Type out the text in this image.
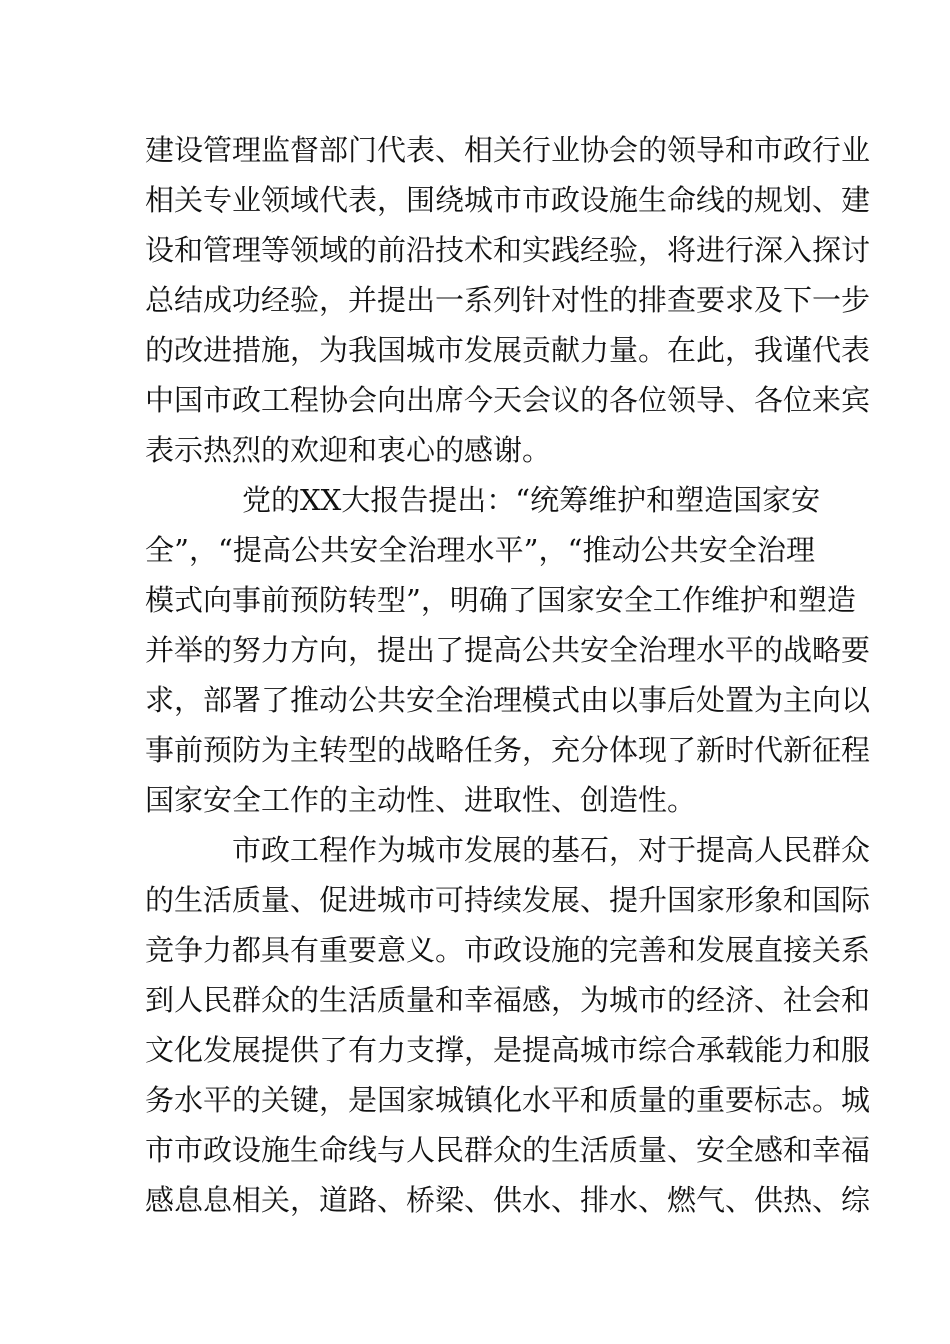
建设管理监督部门代表、相关行业协会的领导和市政行业
相关专业领域代表，围绕城市市政设施生命线的规划、建
设和管理等领域的前沿技术和实践经验，将进行深入探讨
总结成功经验，并提出一系列针对性的排查要求及下一步
的改进措施，为我国城市发展贡献力量。在此，我谨代表
中国市政工程协会向出席今天会议的各位领导、各位来宾
表示热烈的欢迎和衷心的感谢。
党的XX大报告提出：“统筹维护和塑造国家安
全”，“提高公共安全治理水平”，“推动公共安全治理
模式向事前预防转型”，明确了国家安全工作维护和塑造
并举的努力方向，提出了提高公共安全治理水平的战略要
求，部署了推动公共安全治理模式由以事后处置为主向以
事前预防为主转型的战略任务，充分体现了新时代新征程
国家安全工作的主动性、进取性、创造性。
市政工程作为城市发展的基石，对于提高人民群众
的生活质量、促进城市可持续发展、提升国家形象和国际
竞争力都具有重要意义。市政设施的完善和发展直接关系
到人民群众的生活质量和幸福感，为城市的经济、社会和
文化发展提供了有力支撑，是提高城市综合承载能力和服
务水平的关键，是国家城镇化水平和质量的重要标志。城
市市政设施生命线与人民群众的生活质量、安全感和幸福
感息息相关，道路、桥梁、供水、排水、燃气、供热、综
